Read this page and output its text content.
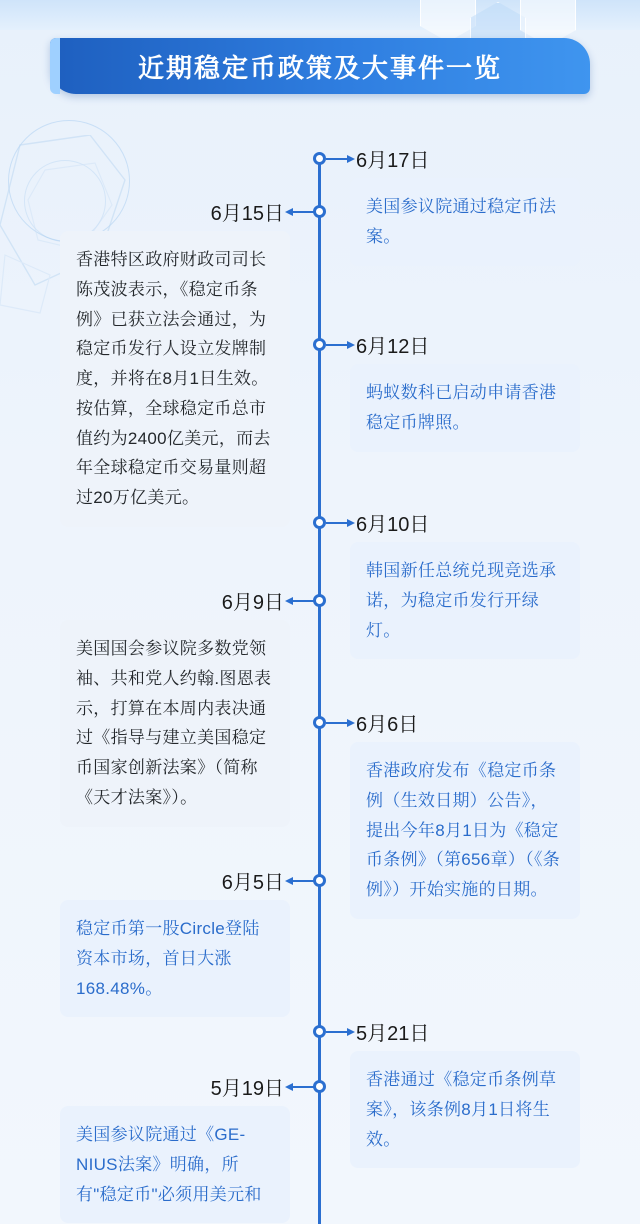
近期稳定币政策及大事件一览
6月17日
美国参议院通过稳定币法案。
6月15日
香港特区政府财政司司长陈茂波表示，《稳定币条例》已获立法会通过，为稳定币发行人设立发牌制度，并将在8月1日生效。按估算，全球稳定币总市值约为2400亿美元，而去年全球稳定币交易量则超过20万亿美元。
6月12日
蚂蚁数科已启动申请香港稳定币牌照。
6月10日
韩国新任总统兑现竞选承诺，为稳定币发行开绿灯。
6月9日
美国国会参议院多数党领袖、共和党人约翰.图恩表示，打算在本周内表决通过《指导与建立美国稳定币国家创新法案》（简称《天才法案》）。
6月6日
香港政府发布《稳定币条例（生效日期）公告》，提出今年8月1日为《稳定币条例》（第656章）（《条例》）开始实施的日期。
6月5日
稳定币第一股Circle登陆资本市场，首日大涨168.48%。
5月21日
香港通过《稳定币条例草案》，该条例8月1日将生效。
5月19日
美国参议院通过《GE-NIUS法案》明确，所有"稳定币"必须用美元和
